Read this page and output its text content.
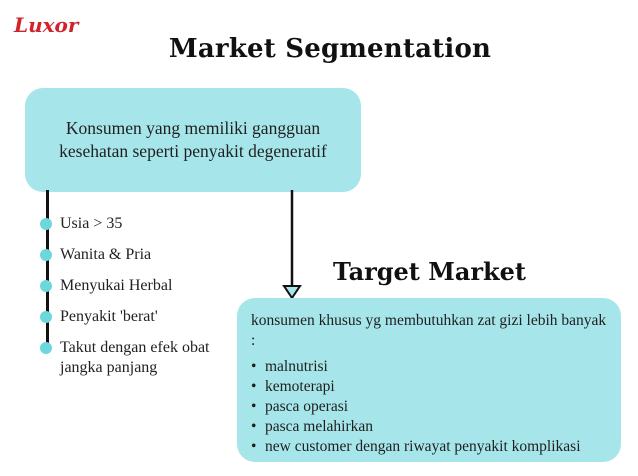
Luxor
Market Segmentation
Konsumen yang memiliki gangguan kesehatan seperti penyakit degeneratif
Usia > 35
Wanita & Pria
Menyukai Herbal
Penyakit 'berat'
Takut dengan efek obat jangka panjang
Target Market

konsumen khusus yg membutuhkan zat gizi lebih banyak :

• malnutrisi
• kemoterapi
• pasca operasi
• pasca melahirkan
• new customer dengan riwayat penyakit komplikasi
